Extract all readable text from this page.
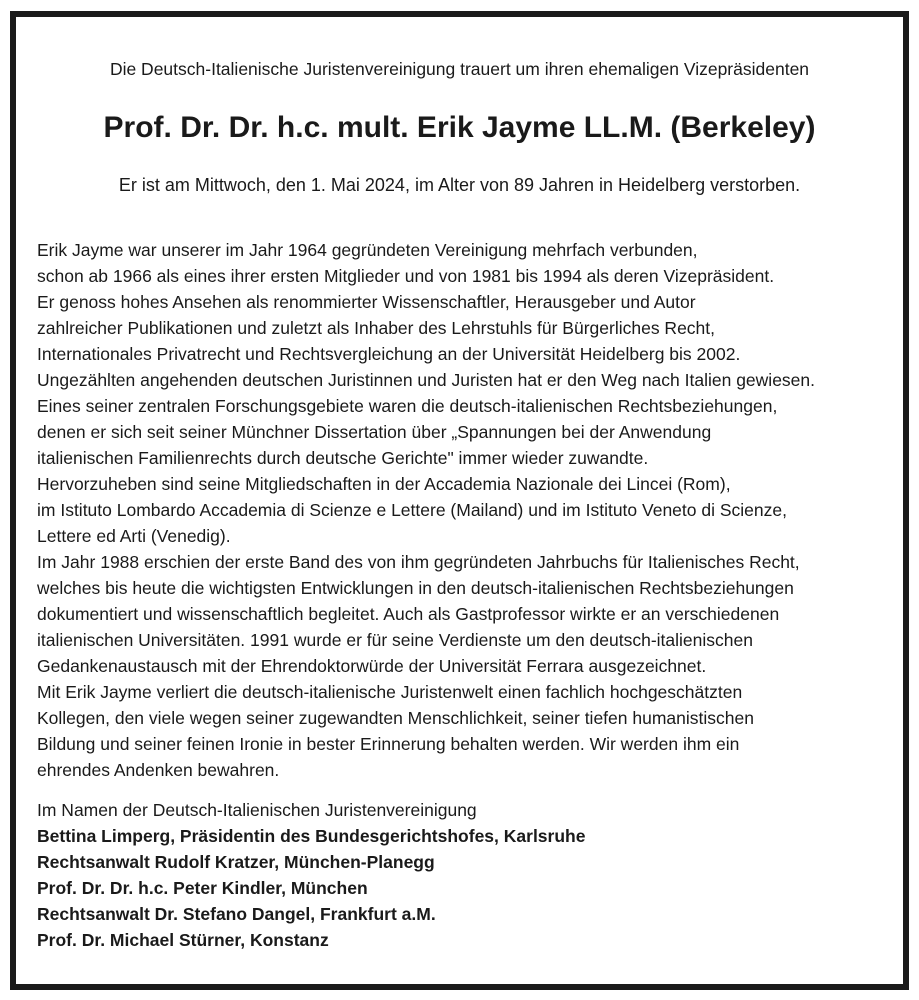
Die Deutsch-Italienische Juristenvereinigung trauert um ihren ehemaligen Vizepräsidenten
Prof. Dr. Dr. h.c. mult. Erik Jayme LL.M. (Berkeley)
Er ist am Mittwoch, den 1. Mai 2024, im Alter von 89 Jahren in Heidelberg verstorben.
Erik Jayme war unserer im Jahr 1964 gegründeten Vereinigung mehrfach verbunden,
schon ab 1966 als eines ihrer ersten Mitglieder und von 1981 bis 1994 als deren Vizepräsident.
Er genoss hohes Ansehen als renommierter Wissenschaftler, Herausgeber und Autor
zahlreicher Publikationen und zuletzt als Inhaber des Lehrstuhls für Bürgerliches Recht,
Internationales Privatrecht und Rechtsvergleichung an der Universität Heidelberg bis 2002.
Ungezählten angehenden deutschen Juristinnen und Juristen hat er den Weg nach Italien gewiesen.
Eines seiner zentralen Forschungsgebiete waren die deutsch-italienischen Rechtsbeziehungen,
denen er sich seit seiner Münchner Dissertation über „Spannungen bei der Anwendung
italienischen Familienrechts durch deutsche Gerichte" immer wieder zuwandte.
Hervorzuheben sind seine Mitgliedschaften in der Accademia Nazionale dei Lincei (Rom),
im Istituto Lombardo Accademia di Scienze e Lettere (Mailand) und im Istituto Veneto di Scienze,
Lettere ed Arti (Venedig).
Im Jahr 1988 erschien der erste Band des von ihm gegründeten Jahrbuchs für Italienisches Recht,
welches bis heute die wichtigsten Entwicklungen in den deutsch-italienischen Rechtsbeziehungen
dokumentiert und wissenschaftlich begleitet. Auch als Gastprofessor wirkte er an verschiedenen
italienischen Universitäten. 1991 wurde er für seine Verdienste um den deutsch-italienischen
Gedankenaustausch mit der Ehrendoktorwürde der Universität Ferrara ausgezeichnet.
Mit Erik Jayme verliert die deutsch-italienische Juristenwelt einen fachlich hochgeschätzten
Kollegen, den viele wegen seiner zugewandten Menschlichkeit, seiner tiefen humanistischen
Bildung und seiner feinen Ironie in bester Erinnerung behalten werden. Wir werden ihm ein
ehrendes Andenken bewahren.
Im Namen der Deutsch-Italienischen Juristenvereinigung
Bettina Limperg, Präsidentin des Bundesgerichtshofes, Karlsruhe
Rechtsanwalt Rudolf Kratzer, München-Planegg
Prof. Dr. Dr. h.c. Peter Kindler, München
Rechtsanwalt Dr. Stefano Dangel, Frankfurt a.M.
Prof. Dr. Michael Stürner, Konstanz
